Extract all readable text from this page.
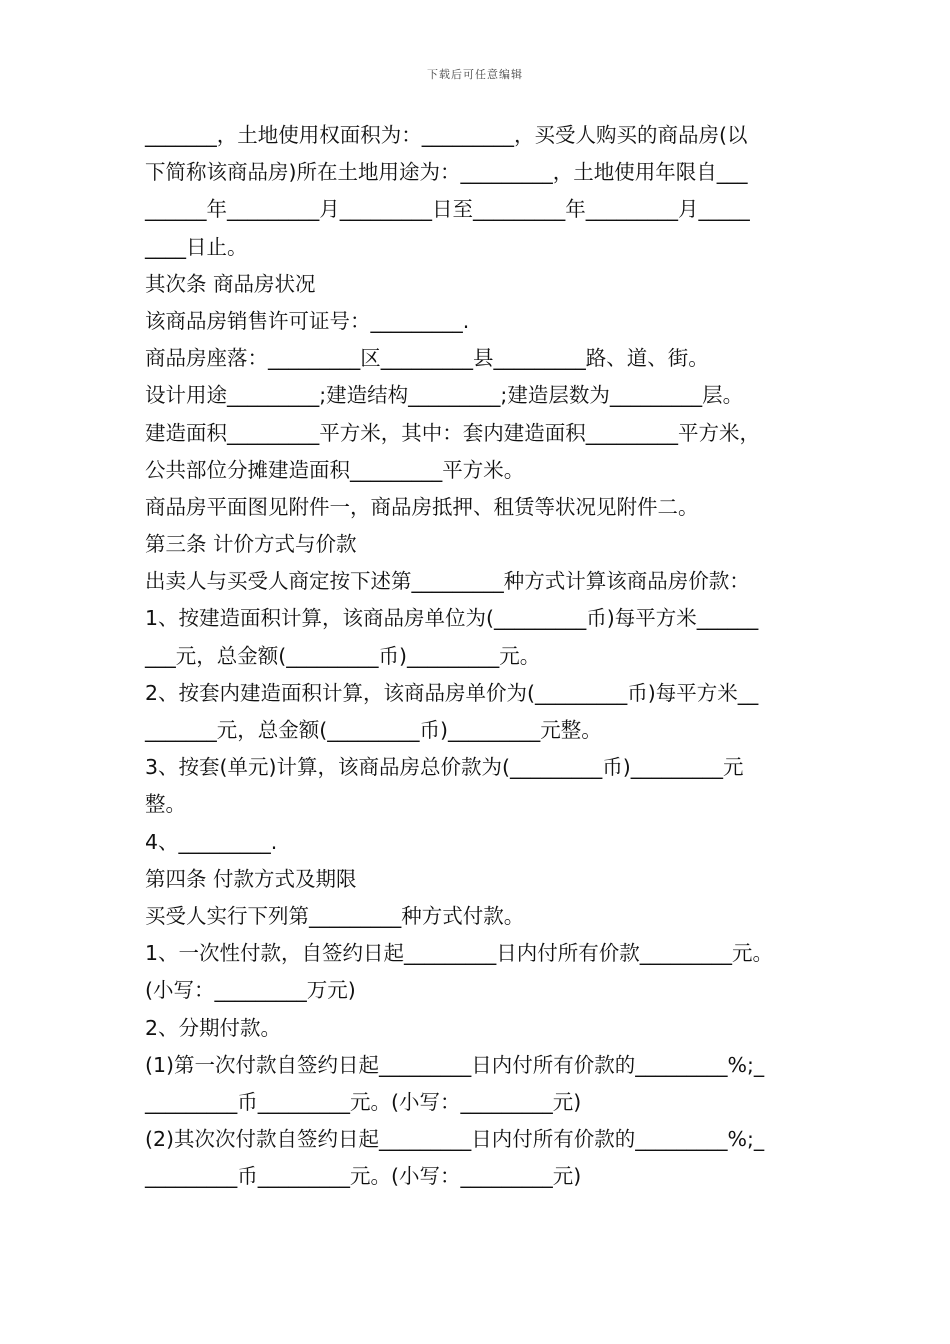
下载后可任意编辑
_______，土地使用权面积为：_________，买受人购买的商品房(以
下简称该商品房)所在土地用途为：_________，土地使用年限自___
______年_________月_________日至_________年_________月_____
____日止。
其次条 商品房状况
该商品房销售许可证号：_________.
商品房座落：_________区_________县_________路、道、街。
设计用途_________;建造结构_________;建造层数为_________层。
建造面积_________平方米，其中：套内建造面积_________平方米，
公共部位分摊建造面积_________平方米。
商品房平面图见附件一，商品房抵押、租赁等状况见附件二。
第三条 计价方式与价款
出卖人与买受人商定按下述第_________种方式计算该商品房价款：
1、按建造面积计算，该商品房单位为(_________币)每平方米______
___元，总金额(_________币)_________元。
2、按套内建造面积计算，该商品房单价为(_________币)每平方米__
_______元，总金额(_________币)_________元整。
3、按套(单元)计算，该商品房总价款为(_________币)_________元
整。
4、_________.
第四条 付款方式及期限
买受人实行下列第_________种方式付款。
1、一次性付款，自签约日起_________日内付所有价款_________元。
(小写：_________万元)
2、分期付款。
(1)第一次付款自签约日起_________日内付所有价款的_________%;_
_________币_________元。(小写：_________元)
(2)其次次付款自签约日起_________日内付所有价款的_________%;_
_________币_________元。(小写：_________元)
